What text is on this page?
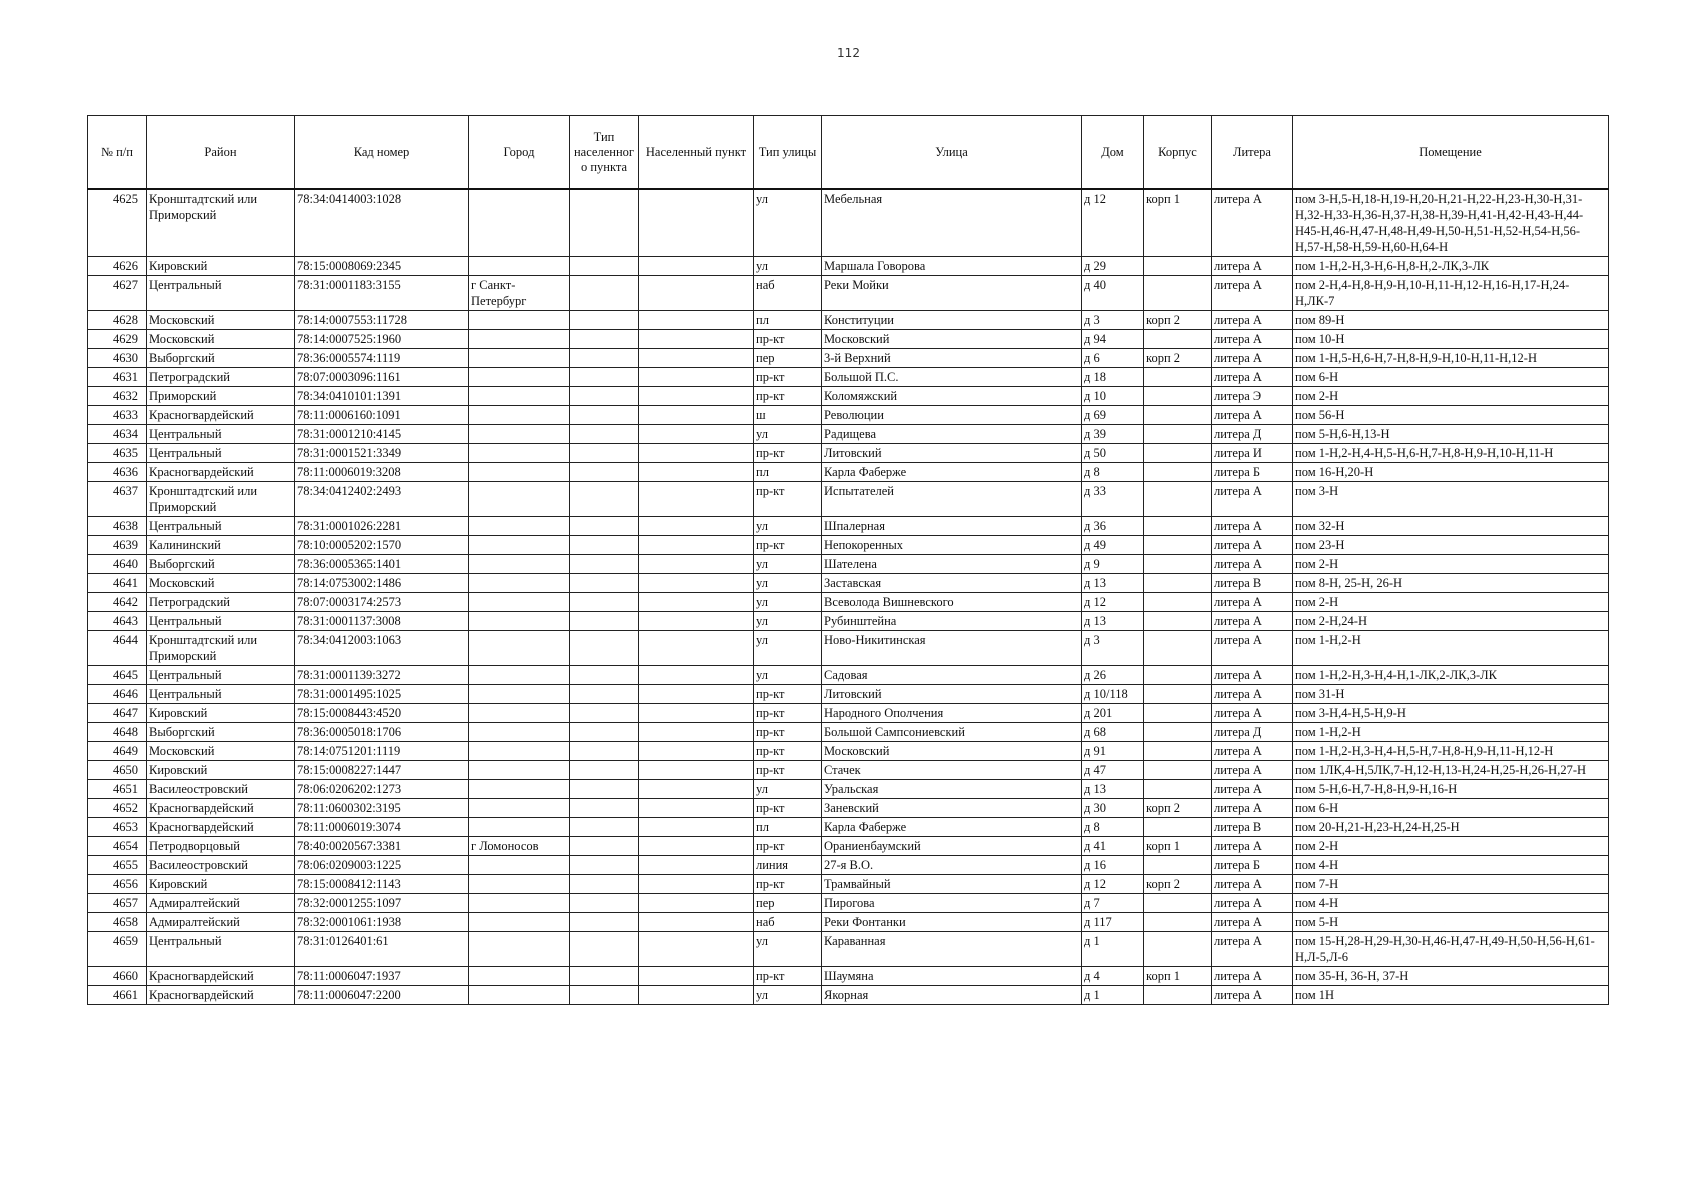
112
№ п/п	Район	Кад номер	Город	Тип населенного пункта	Населенный пункт	Тип улицы	Улица	Дом	Корпус	Литера	Помещение
4625	Кронштадтский или Приморский	78:34:0414003:1028				ул	Мебельная	д 12	корп 1	литера А	пом 3-Н,5-Н,18-Н,19-Н,20-Н,21-Н,22-Н,23-Н,30-Н,31-Н,32-Н,33-Н,36-Н,37-Н,38-Н,39-Н,41-Н,42-Н,43-Н,44-Н45-Н,46-Н,47-Н,48-Н,49-Н,50-Н,51-Н,52-Н,54-Н,56-Н,57-Н,58-Н,59-Н,60-Н,64-Н
4626	Кировский	78:15:0008069:2345				ул	Маршала Говорова	д 29		литера А	пом 1-Н,2-Н,3-Н,6-Н,8-Н,2-ЛК,3-ЛК
4627	Центральный	78:31:0001183:3155	г Санкт-Петербург			наб	Реки Мойки	д 40		литера А	пом 2-Н,4-Н,8-Н,9-Н,10-Н,11-Н,12-Н,16-Н,17-Н,24-Н,ЛК-7
4628	Московский	78:14:0007553:11728				пл	Конституции	д 3	корп 2	литера А	пом 89-Н
4629	Московский	78:14:0007525:1960				пр-кт	Московский	д 94		литера А	пом 10-Н
4630	Выборгский	78:36:0005574:1119				пер	3-й Верхний	д 6	корп 2	литера А	пом 1-Н,5-Н,6-Н,7-Н,8-Н,9-Н,10-Н,11-Н,12-Н
4631	Петроградский	78:07:0003096:1161				пр-кт	Большой П.С.	д 18		литера А	пом 6-Н
4632	Приморский	78:34:0410101:1391				пр-кт	Коломяжский	д 10		литера Э	пом 2-Н
4633	Красногвардейский	78:11:0006160:1091				ш	Революции	д 69		литера А	пом 56-Н
4634	Центральный	78:31:0001210:4145				ул	Радищева	д 39		литера Д	пом 5-Н,6-Н,13-Н
4635	Центральный	78:31:0001521:3349				пр-кт	Литовский	д 50		литера И	пом 1-Н,2-Н,4-Н,5-Н,6-Н,7-Н,8-Н,9-Н,10-Н,11-Н
4636	Красногвардейский	78:11:0006019:3208				пл	Карла Фаберже	д 8		литера Б	пом 16-Н,20-Н
4637	Кронштадтский или Приморский	78:34:0412402:2493				пр-кт	Испытателей	д 33		литера А	пом 3-Н
4638	Центральный	78:31:0001026:2281				ул	Шпалерная	д 36		литера А	пом 32-Н
4639	Калининский	78:10:0005202:1570				пр-кт	Непокоренных	д 49		литера А	пом 23-Н
4640	Выборгский	78:36:0005365:1401				ул	Шателена	д 9		литера А	пом 2-Н
4641	Московский	78:14:0753002:1486				ул	Заставская	д 13		литера В	пом 8-Н, 25-Н, 26-Н
4642	Петроградский	78:07:0003174:2573				ул	Всеволода Вишневского	д 12		литера А	пом 2-Н
4643	Центральный	78:31:0001137:3008				ул	Рубинштейна	д 13		литера А	пом 2-Н,24-Н
4644	Кронштадтский или Приморский	78:34:0412003:1063				ул	Ново-Никитинская	д 3		литера А	пом 1-Н,2-Н
4645	Центральный	78:31:0001139:3272				ул	Садовая	д 26		литера А	пом 1-Н,2-Н,3-Н,4-Н,1-ЛК,2-ЛК,3-ЛК
4646	Центральный	78:31:0001495:1025				пр-кт	Литовский	д 10/118		литера А	пом 31-Н
4647	Кировский	78:15:0008443:4520				пр-кт	Народного Ополчения	д 201		литера А	пом 3-Н,4-Н,5-Н,9-Н
4648	Выборгский	78:36:0005018:1706				пр-кт	Большой Сампсониевский	д 68		литера Д	пом 1-Н,2-Н
4649	Московский	78:14:0751201:1119				пр-кт	Московский	д 91		литера А	пом 1-Н,2-Н,3-Н,4-Н,5-Н,7-Н,8-Н,9-Н,11-Н,12-Н
4650	Кировский	78:15:0008227:1447				пр-кт	Стачек	д 47		литера А	пом 1ЛК,4-Н,5ЛК,7-Н,12-Н,13-Н,24-Н,25-Н,26-Н,27-Н
4651	Василеостровский	78:06:0206202:1273				ул	Уральская	д 13		литера А	пом 5-Н,6-Н,7-Н,8-Н,9-Н,16-Н
4652	Красногвардейский	78:11:0600302:3195				пр-кт	Заневский	д 30	корп 2	литера А	пом 6-Н
4653	Красногвардейский	78:11:0006019:3074				пл	Карла Фаберже	д 8		литера В	пом 20-Н,21-Н,23-Н,24-Н,25-Н
4654	Петродворцовый	78:40:0020567:3381	г Ломоносов			пр-кт	Ораниенбаумский	д 41	корп 1	литера А	пом 2-Н
4655	Василеостровский	78:06:0209003:1225				линия	27-я В.О.	д 16		литера Б	пом 4-Н
4656	Кировский	78:15:0008412:1143				пр-кт	Трамвайный	д 12	корп 2	литера А	пом 7-Н
4657	Адмиралтейский	78:32:0001255:1097				пер	Пирогова	д 7		литера А	пом 4-Н
4658	Адмиралтейский	78:32:0001061:1938				наб	Реки Фонтанки	д 117		литера А	пом 5-Н
4659	Центральный	78:31:0126401:61				ул	Караванная	д 1		литера А	пом 15-Н,28-Н,29-Н,30-Н,46-Н,47-Н,49-Н,50-Н,56-Н,61-Н,Л-5,Л-6
4660	Красногвардейский	78:11:0006047:1937				пр-кт	Шаумяна	д 4	корп 1	литера А	пом 35-Н, 36-Н, 37-Н
4661	Красногвардейский	78:11:0006047:2200				ул	Якорная	д 1		литера А	пом 1Н
